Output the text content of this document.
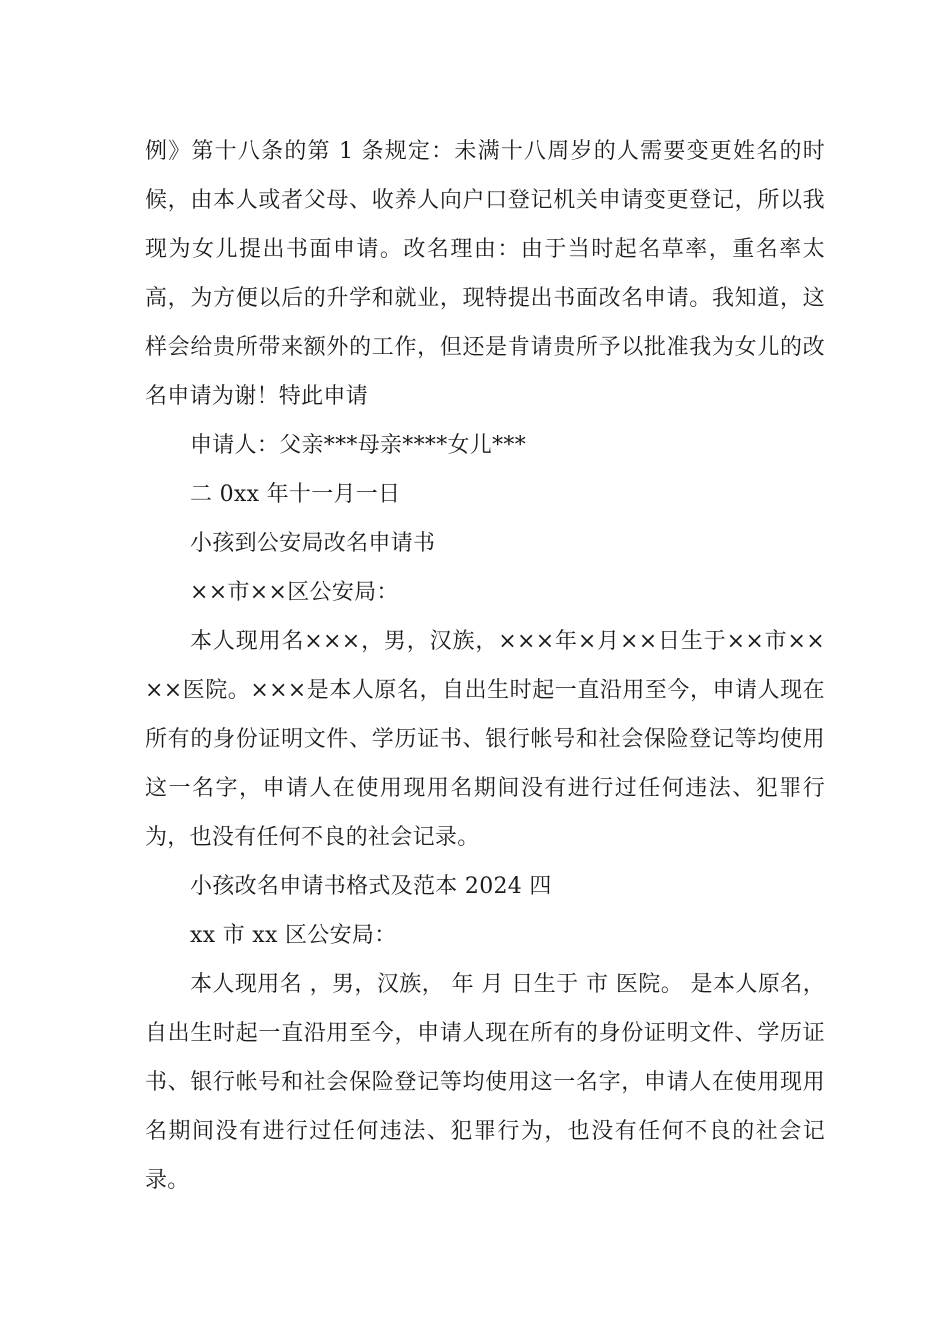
例》第十八条的第 1 条规定：未满十八周岁的人需要变更姓名的时候，由本人或者父母、收养人向户口登记机关申请变更登记，所以我现为女儿提出书面申请。改名理由：由于当时起名草率，重名率太高，为方便以后的升学和就业，现特提出书面改名申请。我知道，这样会给贵所带来额外的工作，但还是肯请贵所予以批准我为女儿的改名申请为谢！特此申请

申请人：父亲***母亲****女儿***

二 0xx 年十一月一日

小孩到公安局改名申请书

××市××区公安局：

本人现用名×××，男，汉族，×××年×月××日生于××市××××医院。×××是本人原名，自出生时起一直沿用至今，申请人现在所有的身份证明文件、学历证书、银行帐号和社会保险登记等均使用这一名字，申请人在使用现用名期间没有进行过任何违法、犯罪行为，也没有任何不良的社会记录。

小孩改名申请书格式及范本 2024 四

xx 市 xx 区公安局：

本人现用名 ，男，汉族， 年 月 日生于 市 医院。 是本人原名，自出生时起一直沿用至今，申请人现在所有的身份证明文件、学历证书、银行帐号和社会保险登记等均使用这一名字，申请人在使用现用名期间没有进行过任何违法、犯罪行为，也没有任何不良的社会记录。
